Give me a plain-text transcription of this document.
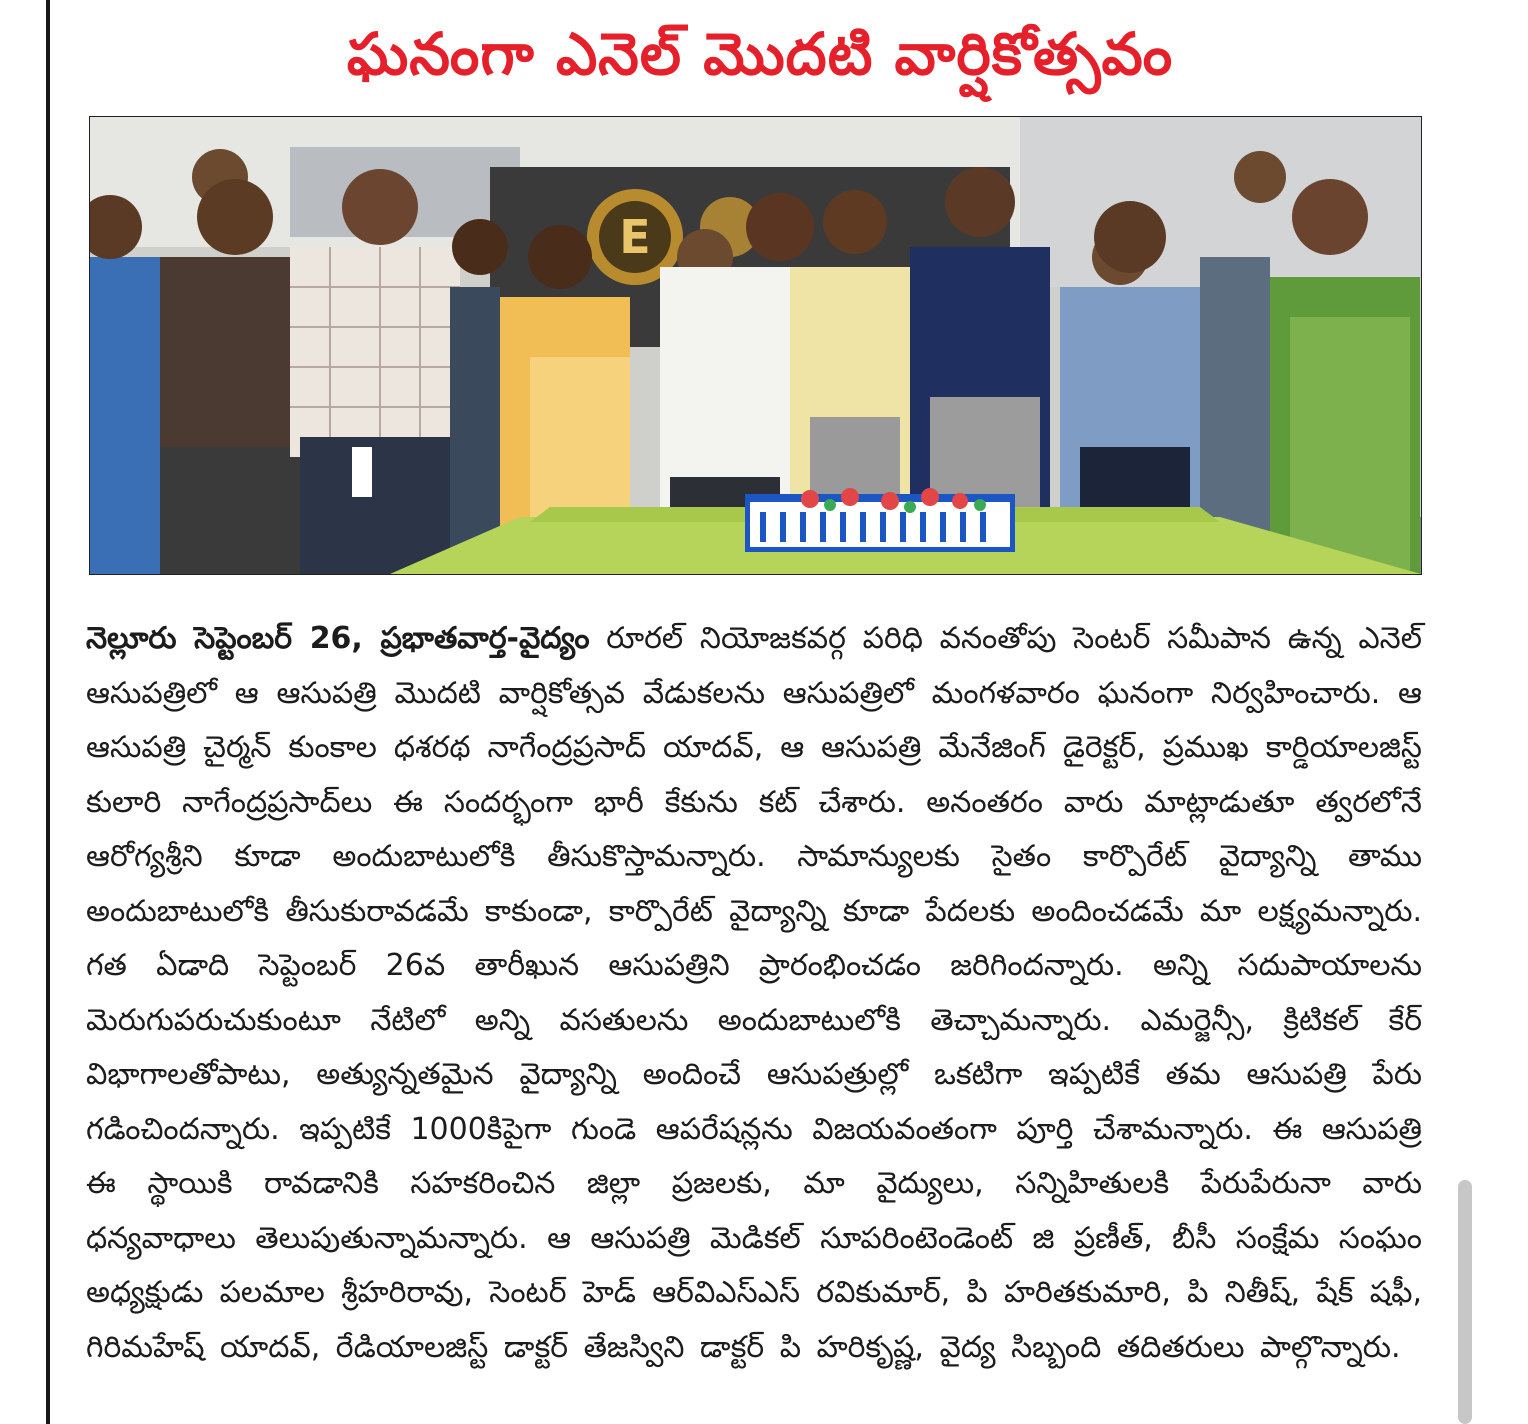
ఘనంగా ఎనెల్ మొదటి వార్షికోత్సవం
E
నెల్లూరు సెప్టెంబర్ 26, ప్రభాతవార్త-వైద్యం రూరల్ నియోజకవర్గ పరిధి వనంతోపు సెంటర్ సమీపాన ఉన్న ఎనెల్ ఆసుపత్రిలో ఆ ఆసుపత్రి మొదటి వార్షికోత్సవ వేడుకలను ఆసుపత్రిలో మంగళవారం ఘనంగా నిర్వహించారు. ఆ ఆసుపత్రి చైర్మన్ కుంకాల ధశరథ నాగేంద్రప్రసాద్ యాదవ్, ఆ ఆసుపత్రి మేనేజింగ్ డైరెక్టర్, ప్రముఖ కార్డియాలజిస్ట్ కులారి నాగేంద్రప్రసాద్‌లు ఈ సందర్భంగా భారీ కేకును కట్ చేశారు. అనంతరం వారు మాట్లాడుతూ త్వరలోనే ఆరోగ్యశ్రీని కూడా అందుబాటులోకి తీసుకొస్తామన్నారు. సామాన్యులకు సైతం కార్పొరేట్ వైద్యాన్ని తాము అందుబాటులోకి తీసుకురావడమే కాకుండా, కార్పొరేట్ వైద్యాన్ని కూడా పేదలకు అందించడమే మా లక్ష్యమన్నారు. గత ఏడాది సెప్టెంబర్ 26వ తారీఖున ఆసుపత్రిని ప్రారంభించడం జరిగిందన్నారు. అన్ని సదుపాయాలను మెరుగుపరుచుకుంటూ నేటిలో అన్ని వసతులను అందుబాటులోకి తెచ్చామన్నారు. ఎమర్జెన్సీ, క్రిటికల్ కేర్ విభాగాలతోపాటు, అత్యున్నతమైన వైద్యాన్ని అందించే ఆసుపత్రుల్లో ఒకటిగా ఇప్పటికే తమ ఆసుపత్రి పేరు గడించిందన్నారు. ఇప్పటికే 1000కిపైగా గుండె ఆపరేషన్లను విజయవంతంగా పూర్తి చేశామన్నారు. ఈ ఆసుపత్రి ఈ స్థాయికి రావడానికి సహకరించిన జిల్లా ప్రజలకు, మా వైద్యులు, సన్నిహితులకి పేరుపేరునా వారు ధన్యవాధాలు తెలుపుతున్నామన్నారు. ఆ ఆసుపత్రి మెడికల్ సూపరింటెండెంట్ జి ప్రణీత్, బీసీ సంక్షేమ సంఘం అధ్యక్షుడు పలమాల శ్రీహరిరావు, సెంటర్ హెడ్ ఆర్‌విఎస్ఎస్ రవికుమార్, పి హరితకుమారి, పి నితీష్, షేక్ షఫీ, గిరిమహేష్ యాదవ్, రేడియాలజిస్ట్ డాక్టర్ తేజస్విని డాక్టర్ పి హరికృష్ణ, వైద్య సిబ్బంది తదితరులు పాల్గొన్నారు.
